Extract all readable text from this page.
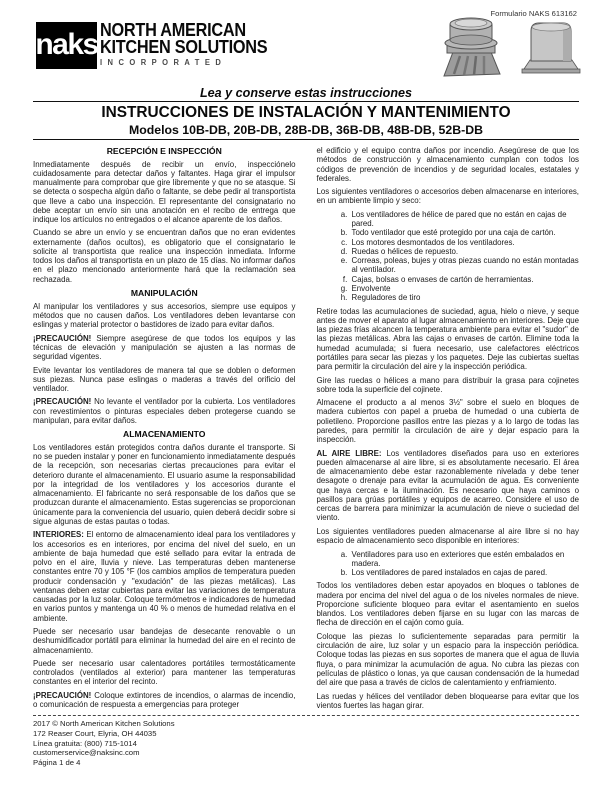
Formulario NAKS 613162
naks NORTH AMERICAN
KITCHEN SOLUTIONS
INCORPORATED
Lea y conserve estas instrucciones
INSTRUCCIONES DE INSTALACIÓN Y MANTENIMIENTO
Modelos 10B-DB, 20B-DB, 28B-DB, 36B-DB, 48B-DB, 52B-DB
RECEPCIÓN E INSPECCIÓN

Inmediatamente después de recibir un envío, inspecciónelo cuidadosamente para detectar daños y faltantes. Haga girar el impulsor manualmente para comprobar que gire libremente y que no se atasque. Si se detecta o sospecha algún daño o faltante, se debe pedir al transportista que lleve a cabo una inspección. El representante del consignatario no debe aceptar un envío sin una anotación en el recibo de entrega que indique los artículos no entregados o el alcance aparente de los daños.

Cuando se abre un envío y se encuentran daños que no eran evidentes externamente (daños ocultos), es obligatorio que el consignatario le solicite al transportista que realice una inspección inmediata. Informe todos los daños al transportista en un plazo de 15 días. No informar daños en el plazo mencionado anteriormente hará que la reclamación sea rechazada.

MANIPULACIÓN

Al manipular los ventiladores y sus accesorios, siempre use equipos y métodos que no causen daños. Los ventiladores deben levantarse con eslingas y material protector o bastidores de izado para evitar daños.

¡PRECAUCIÓN! Siempre asegúrese de que todos los equipos y las técnicas de elevación y manipulación se ajusten a las normas de seguridad vigentes.

Evite levantar los ventiladores de manera tal que se doblen o deformen sus piezas. Nunca pase eslingas o maderas a través del orificio del ventilador.

¡PRECAUCIÓN! No levante el ventilador por la cubierta. Los ventiladores con revestimientos o pinturas especiales deben protegerse cuando se manipulan, para evitar daños.

ALMACENAMIENTO

Los ventiladores están protegidos contra daños durante el transporte. Si no se pueden instalar y poner en funcionamiento inmediatamente después de la recepción, son necesarias ciertas precauciones para evitar el deterioro durante el almacenamiento. El usuario asume la responsabilidad por la integridad de los ventiladores y los accesorios durante el almacenamiento. El fabricante no será responsable de los daños que se produzcan durante el almacenamiento. Estas sugerencias se proporcionan únicamente para la conveniencia del usuario, quien deberá decidir sobre si sigue algunas de estas pautas o todas.

INTERIORES: El entorno de almacenamiento ideal para los ventiladores y los accesorios es en interiores, por encima del nivel del suelo, en un ambiente de baja humedad que esté sellado para evitar la entrada de polvo en el aire, lluvia y nieve. Las temperaturas deben mantenerse constantes entre 70 y 105 °F (los cambios amplios de temperatura pueden producir condensación y "exudación" de las piezas metálicas). Las ventanas deben estar cubiertas para evitar las variaciones de temperatura causadas por la luz solar. Coloque termómetros e indicadores de humedad en varios puntos y mantenga un 40 % o menos de humedad relativa en el ambiente.

Puede ser necesario usar bandejas de desecante renovable o un deshumidificador portátil para eliminar la humedad del aire en el recinto de almacenamiento.

Puede ser necesario usar calentadores portátiles termostáticamente controlados (ventilados al exterior) para mantener las temperaturas constantes en el interior del recinto.

¡PRECAUCIÓN! Coloque extintores de incendios, o alarmas de incendio, o comunicación de respuesta a emergencias para proteger

el edificio y el equipo contra daños por incendio. Asegúrese de que los métodos de construcción y almacenamiento cumplan con todos los códigos de prevención de incendios y de seguridad locales, estatales y federales.

Los siguientes ventiladores o accesorios deben almacenarse en interiores, en un ambiente limpio y seco:

a. Los ventiladores de hélice de pared que no están en cajas de pared.
b. Todo ventilador que esté protegido por una caja de cartón.
c. Los motores desmontados de los ventiladores.
d. Ruedas o hélices de repuesto.
e. Correas, poleas, bujes y otras piezas cuando no están montadas al ventilador.
f. Cajas, bolsas o envases de cartón de herramientas.
g. Envolvente
h. Reguladores de tiro

Retire todas las acumulaciones de suciedad, agua, hielo o nieve, y seque antes de mover el aparato al lugar almacenamiento en interiores. Deje que las piezas frías alcancen la temperatura ambiente para evitar el "sudor" de las piezas metálicas. Abra las cajas o envases de cartón. Elimine toda la humedad acumulada; si fuera necesario, use calefactores eléctricos portátiles para secar las piezas y los paquetes. Deje las cubiertas sueltas para permitir la circulación del aire y la inspección periódica.

Gire las ruedas o hélices a mano para distribuir la grasa para cojinetes sobre toda la superficie del cojinete.

Almacene el producto a al menos 3½" sobre el suelo en bloques de madera cubiertos con papel a prueba de humedad o una cubierta de polietileno. Proporcione pasillos entre las piezas y a lo largo de todas las paredes, para permitir la circulación de aire y dejar espacio para la inspección.

AL AIRE LIBRE: Los ventiladores diseñados para uso en exteriores pueden almacenarse al aire libre, si es absolutamente necesario. El área de almacenamiento debe estar razonablemente nivelada y debe tener desagote o drenaje para evitar la acumulación de agua. Es conveniente que haya cercas e la iluminación. Es necesario que haya caminos o pasillos para grúas portátiles y equipos de acarreo. Considere el uso de cercas de barrera para minimizar la acumulación de nieve o suciedad del viento.

Los siguientes ventiladores pueden almacenarse al aire libre si no hay espacio de almacenamiento seco disponible en interiores:

a. Ventiladores para uso en exteriores que estén embalados en madera.
b. Los ventiladores de pared instalados en cajas de pared.

Todos los ventiladores deben estar apoyados en bloques o tablones de madera por encima del nivel del agua o de los niveles normales de nieve. Proporcione suficiente bloqueo para evitar el asentamiento en suelos blandos. Los ventiladores deben fijarse en su lugar con las marcas de flecha de dirección en el cajón como guía.

Coloque las piezas lo suficientemente separadas para permitir la circulación de aire, luz solar y un espacio para la inspección periódica. Coloque todas las piezas en sus soportes de manera que el agua de lluvia fluya, o para minimizar la acumulación de agua. No cubra las piezas con películas de plástico o lonas, ya que causan condensación de la humedad del aire que pasa a través de ciclos de calentamiento y enfriamiento.

Las ruedas y hélices del ventilador deben bloquearse para evitar que los vientos fuertes las hagan girar.

2017 © North American Kitchen Solutions

172 Reaser Court, Elyria, OH 44035

Línea gratuita: (800) 715-1014

customerservice@naksinc.com

Página 1 de 4
